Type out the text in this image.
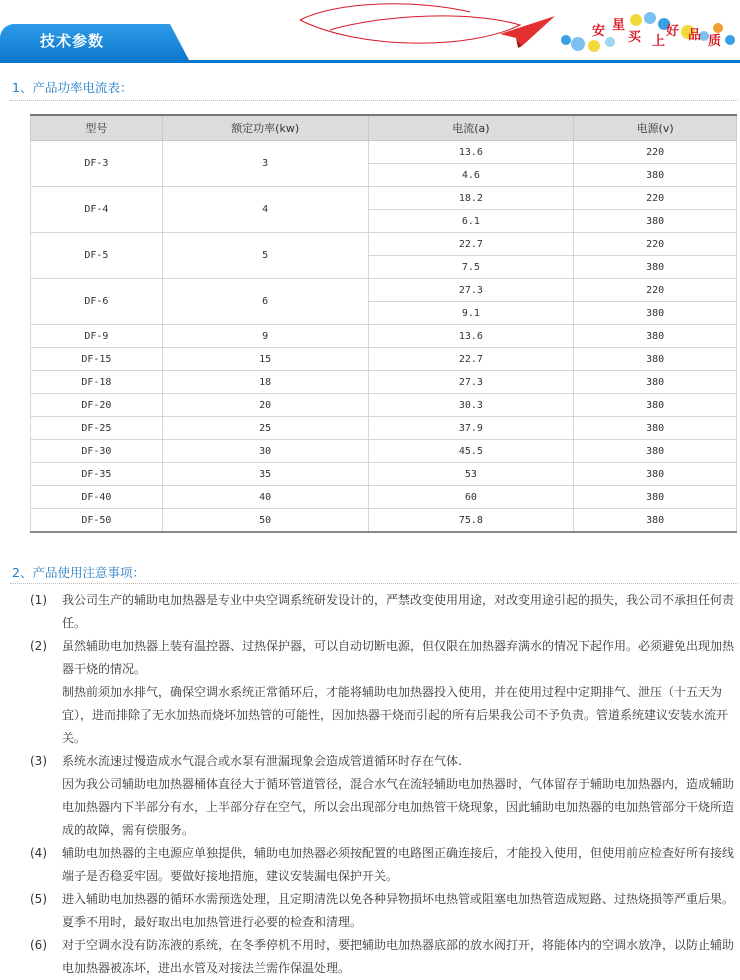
技术参数
安 星
买 上
好 品 质
1、产品功率电流表：
型号	额定功率(kw)	电流(a)	电源(v)
DF-3	3	13.6	220
		4.6	380
DF-4	4	18.2	220
		6.1	380
DF-5	5	22.7	220
		7.5	380
DF-6	6	27.3	220
		9.1	380
DF-9	9	13.6	380
DF-15	15	22.7	380
DF-18	18	27.3	380
DF-20	20	30.3	380
DF-25	25	37.9	380
DF-30	30	45.5	380
DF-35	35	53	380
DF-40	40	60	380
DF-50	50	75.8	380
2、产品使用注意事项：
(1) 我公司生产的辅助电加热器是专业中央空调系统研发设计的，严禁改变使用用途，对改变用途引起的损失，我公司不承担任何责任。

(2) 虽然辅助电加热器上装有温控器、过热保护器，可以自动切断电源，但仅限在加热器弃满水的情况下起作用。必须避免出现加热器干烧的情况。

制热前须加水排气，确保空调水系统正常循环后，才能将辅助电加热器投入使用，并在使用过程中定期排气、泄压（十五天为宜），进而排除了无水加热而烧坏加热管的可能性，因加热器干烧而引起的所有后果我公司不予负责。管道系统建议安装水流开关。

(3) 系统水流速过慢造成水气混合或水泵有泄漏现象会造成管道循环时存在气体.

因为我公司辅助电加热器桶体直径大于循环管道管径，混合水气在流轻辅助电加热器时，气体留存于辅助电加热器内，造成辅助电加热器内下半部分有水，上半部分存在空气，所以会出现部分电加热管干烧现象，因此辅助电加热器的电加热管部分干烧所造成的故障，需有偿服务。

(4) 辅助电加热器的主电源应单独提供，辅助电加热器必须按配置的电路图正确连接后，才能投入使用，但使用前应检查好所有接线端子是否稳妥牢固。要做好接地措施，建议安装漏电保护开关。

(5) 进入辅助电加热器的循环水需预选处理，且定期清洗以免各种异物损坏电热管或阻塞电加热管造成短路、过热烧损等严重后果。夏季不用时，最好取出电加热管进行必要的检查和清理。

(6) 对于空调水没有防冻液的系统，在冬季停机不用时，要把辅助电加热器底部的放水阀打开，将能体内的空调水放净，以防止辅助电加热器被冻坏，进出水管及对接法兰需作保温处理。
